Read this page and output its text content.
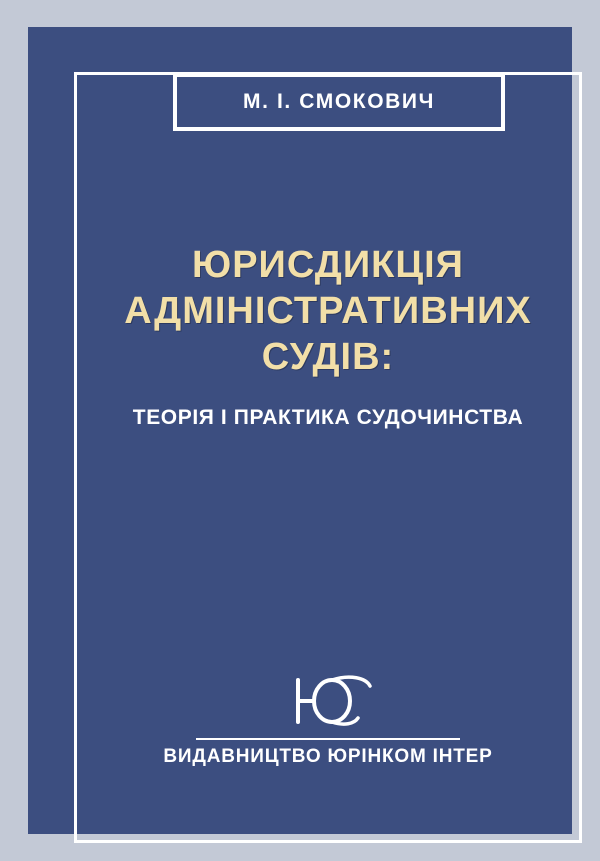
М. І. СМОКОВИЧ
ЮРИСДИКЦІЯ
АДМІНІСТРАТИВНИХ
СУДІВ:
ТЕОРІЯ І ПРАКТИКА СУДОЧИНСТВА
ВИДАВНИЦТВО ЮРІНКОМ ІНТЕР
